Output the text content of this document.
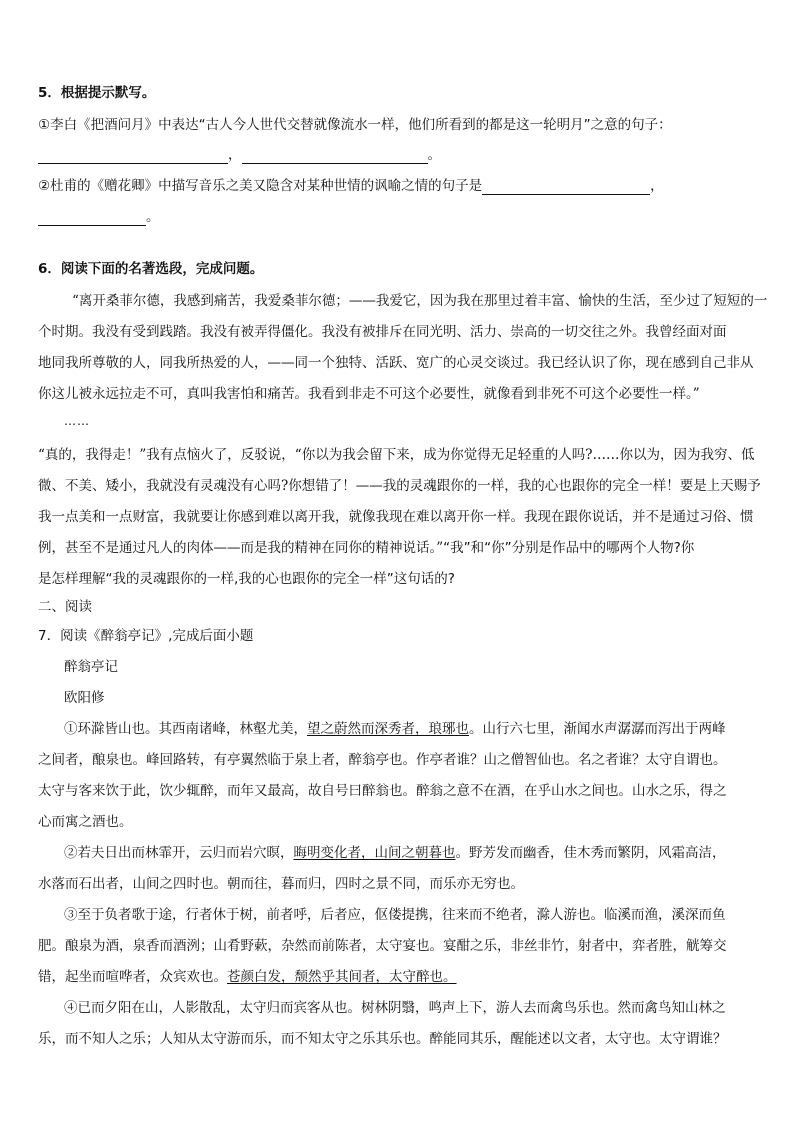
5．根据提示默写。
①李白《把酒问月》中表达“古人今人世代交替就像流水一样，他们所看到的都是这一轮明月”之意的句子：
，	。
②杜甫的《赠花卿》中描写音乐之美又隐含对某种世情的讽喻之情的句子是	，
。
6．阅读下面的名著选段，完成问题。
“离开桑菲尔德，我感到痛苦，我爱桑菲尔德；——我爱它，因为我在那里过着丰富、愉快的生活，至少过了短短的一
个时期。我没有受到践踏。我没有被弄得僵化。我没有被排斥在同光明、活力、崇高的一切交往之外。我曾经面对面
地同我所尊敬的人，同我所热爱的人，——同一个独特、活跃、宽广的心灵交谈过。我已经认识了你，现在感到自己非从
你这儿被永远拉走不可，真叫我害怕和痛苦。我看到非走不可这个必要性，就像看到非死不可这个必要性一样。”
……
“真的，我得走！”我有点恼火了，反驳说，“你以为我会留下来，成为你觉得无足轻重的人吗?……你以为，因为我穷、低
微、不美、矮小，我就没有灵魂没有心吗?你想错了！——我的灵魂跟你的一样，我的心也跟你的完全一样！要是上天赐予
我一点美和一点财富，我就要让你感到难以离开我，就像我现在难以离开你一样。我现在跟你说话，并不是通过习俗、惯
例，甚至不是通过凡人的肉体——而是我的精神在同你的精神说话。”“我”和“你”分别是作品中的哪两个人物?你
是怎样理解“我的灵魂跟你的一样,我的心也跟你的完全一样”这句话的?
二、阅读
7．阅读《醉翁亭记》,完成后面小题
醉翁亭记
欧阳修
①环滁皆山也。其西南诸峰，林壑尤美，望之蔚然而深秀者，琅琊也。山行六七里，渐闻水声潺潺而泻出于两峰
之间者，酿泉也。峰回路转，有亭翼然临于泉上者，醉翁亭也。作亭者谁？山之僧智仙也。名之者谁？太守自谓也。
太守与客来饮于此，饮少辄醉，而年又最高，故自号曰醉翁也。醉翁之意不在酒，在乎山水之间也。山水之乐，得之
心而寓之酒也。
②若夫日出而林霏开，云归而岩穴暝，晦明变化者，山间之朝暮也。野芳发而幽香，佳木秀而繁阴，风霜高洁，
水落而石出者，山间之四时也。朝而往，暮而归，四时之景不同，而乐亦无穷也。
③至于负者歌于途，行者休于树，前者呼，后者应，伛偻提携，往来而不绝者，滁人游也。临溪而渔，溪深而鱼
肥。酿泉为酒，泉香而酒洌；山肴野蔌，杂然而前陈者，太守宴也。宴酣之乐，非丝非竹，射者中，弈者胜，觥筹交
错，起坐而喧哗者，众宾欢也。苍颜白发，颓然乎其间者，太守醉也。
④已而夕阳在山，人影散乱，太守归而宾客从也。树林阴翳，鸣声上下，游人去而禽鸟乐也。然而禽鸟知山林之
乐，而不知人之乐；人知从太守游而乐，而不知太守之乐其乐也。醉能同其乐，醒能述以文者，太守也。太守谓谁？
